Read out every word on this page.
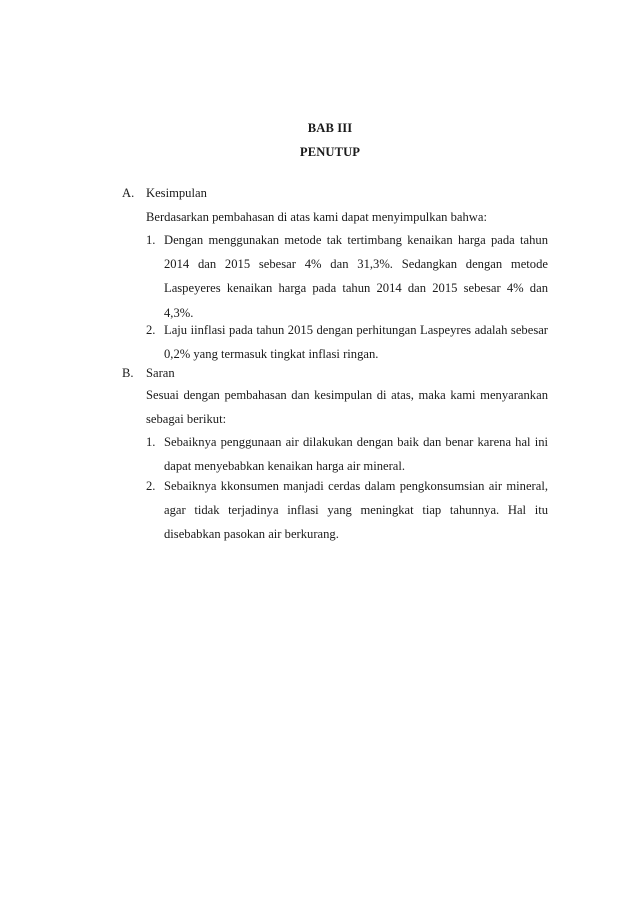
BAB III
PENUTUP
A. Kesimpulan
Berdasarkan pembahasan di atas kami dapat menyimpulkan bahwa:
1. Dengan menggunakan metode tak tertimbang kenaikan harga pada tahun 2014 dan 2015 sebesar 4% dan 31,3%. Sedangkan dengan metode Laspeyeres kenaikan harga pada tahun 2014 dan 2015 sebesar 4% dan 4,3%.
2. Laju iinflasi pada tahun 2015 dengan perhitungan Laspeyres adalah sebesar 0,2% yang termasuk tingkat inflasi ringan.
B. Saran
Sesuai dengan pembahasan dan kesimpulan di atas, maka kami menyarankan sebagai berikut:
1. Sebaiknya penggunaan air dilakukan dengan baik dan benar karena hal ini dapat menyebabkan kenaikan harga air mineral.
2. Sebaiknya kkonsumen manjadi cerdas dalam pengkonsumsian air mineral, agar tidak terjadinya inflasi yang meningkat tiap tahunnya. Hal itu disebabkan pasokan air berkurang.
